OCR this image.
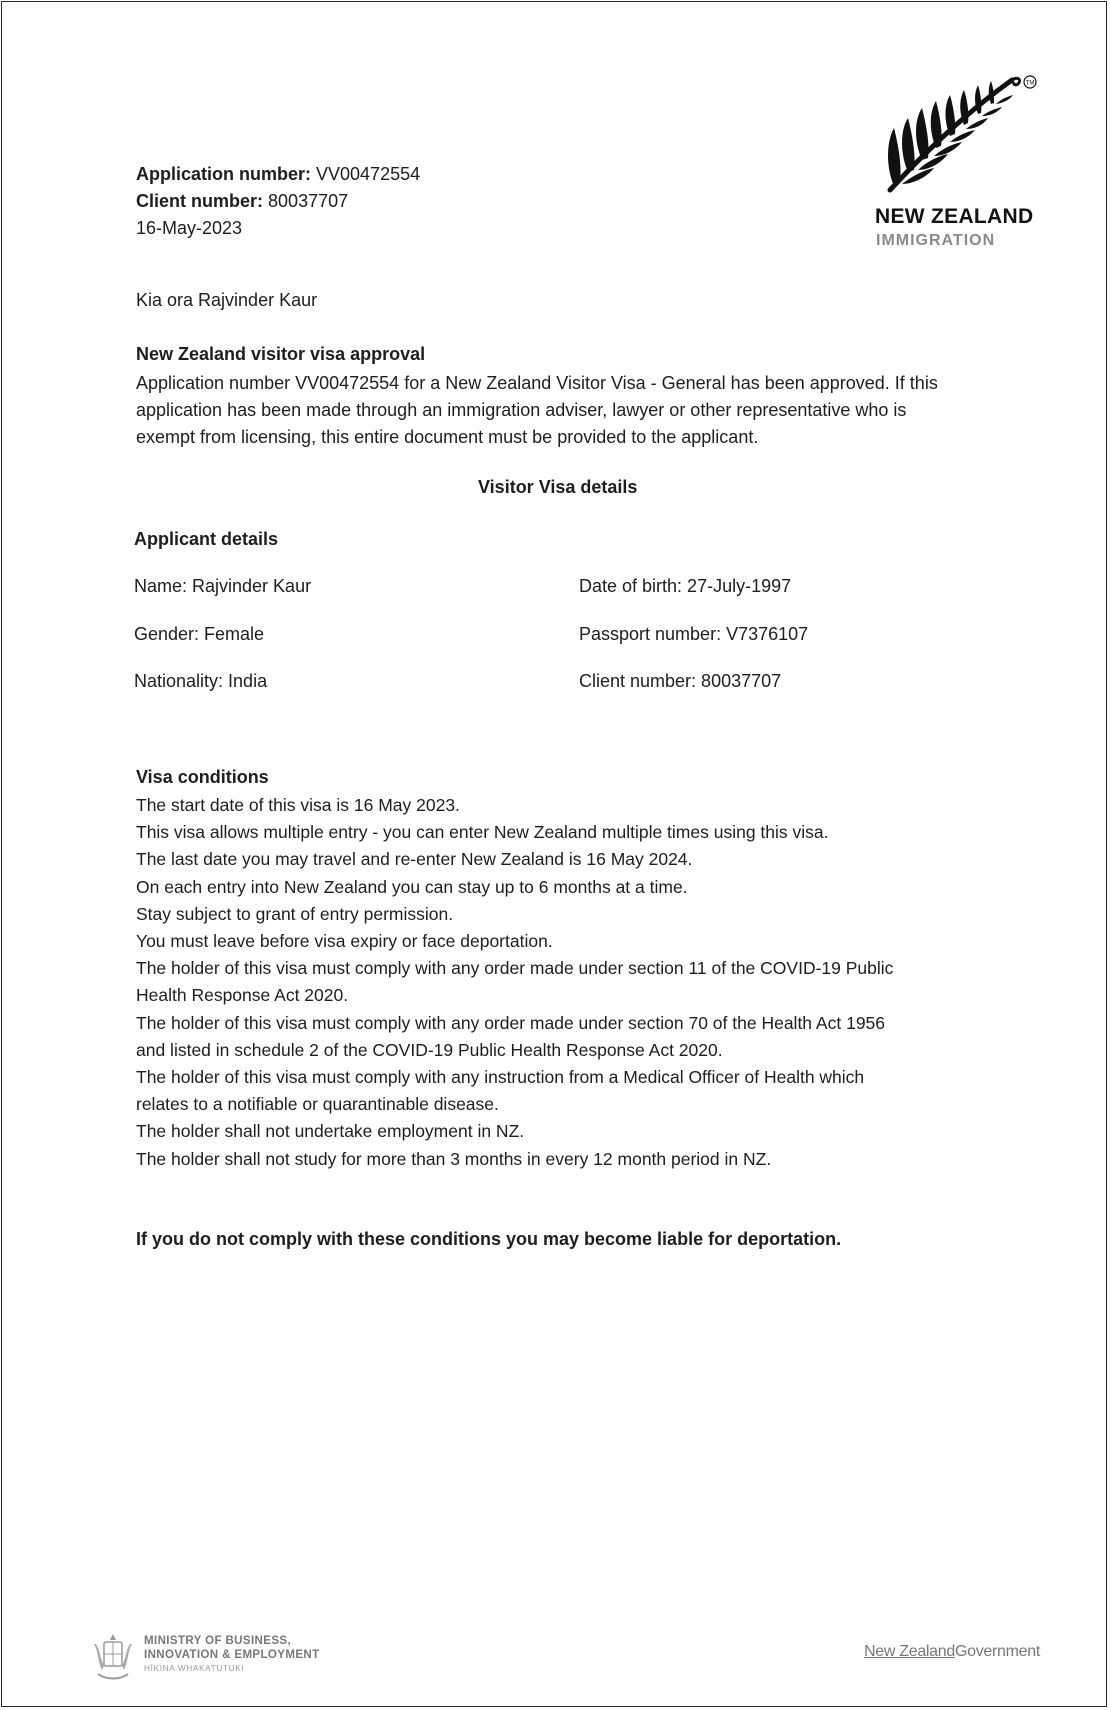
Application number: VV00472554
Client number: 80037707
16-May-2023
TM
NEW ZEALAND
IMMIGRATION
Kia ora Rajvinder Kaur
New Zealand visitor visa approval
Application number VV00472554 for a New Zealand Visitor Visa - General has been approved. If this
application has been made through an immigration adviser, lawyer or other representative who is
exempt from licensing, this entire document must be provided to the applicant.
Visitor Visa details
Applicant details
Name: Rajvinder Kaur	Date of birth: 27-July-1997
Gender: Female	Passport number: V7376107
Nationality: India	Client number: 80037707
Visa conditions
The start date of this visa is 16 May 2023.
This visa allows multiple entry - you can enter New Zealand multiple times using this visa.
The last date you may travel and re-enter New Zealand is 16 May 2024.
On each entry into New Zealand you can stay up to 6 months at a time.
Stay subject to grant of entry permission.
You must leave before visa expiry or face deportation.
The holder of this visa must comply with any order made under section 11 of the COVID-19 Public
Health Response Act 2020.
The holder of this visa must comply with any order made under section 70 of the Health Act 1956
and listed in schedule 2 of the COVID-19 Public Health Response Act 2020.
The holder of this visa must comply with any instruction from a Medical Officer of Health which
relates to a notifiable or quarantinable disease.
The holder shall not undertake employment in NZ.
The holder shall not study for more than 3 months in every 12 month period in NZ.
If you do not comply with these conditions you may become liable for deportation.
MINISTRY OF BUSINESS,
INNOVATION & EMPLOYMENT
HĪKINA WHAKATUTUKI
New ZealandGovernment
